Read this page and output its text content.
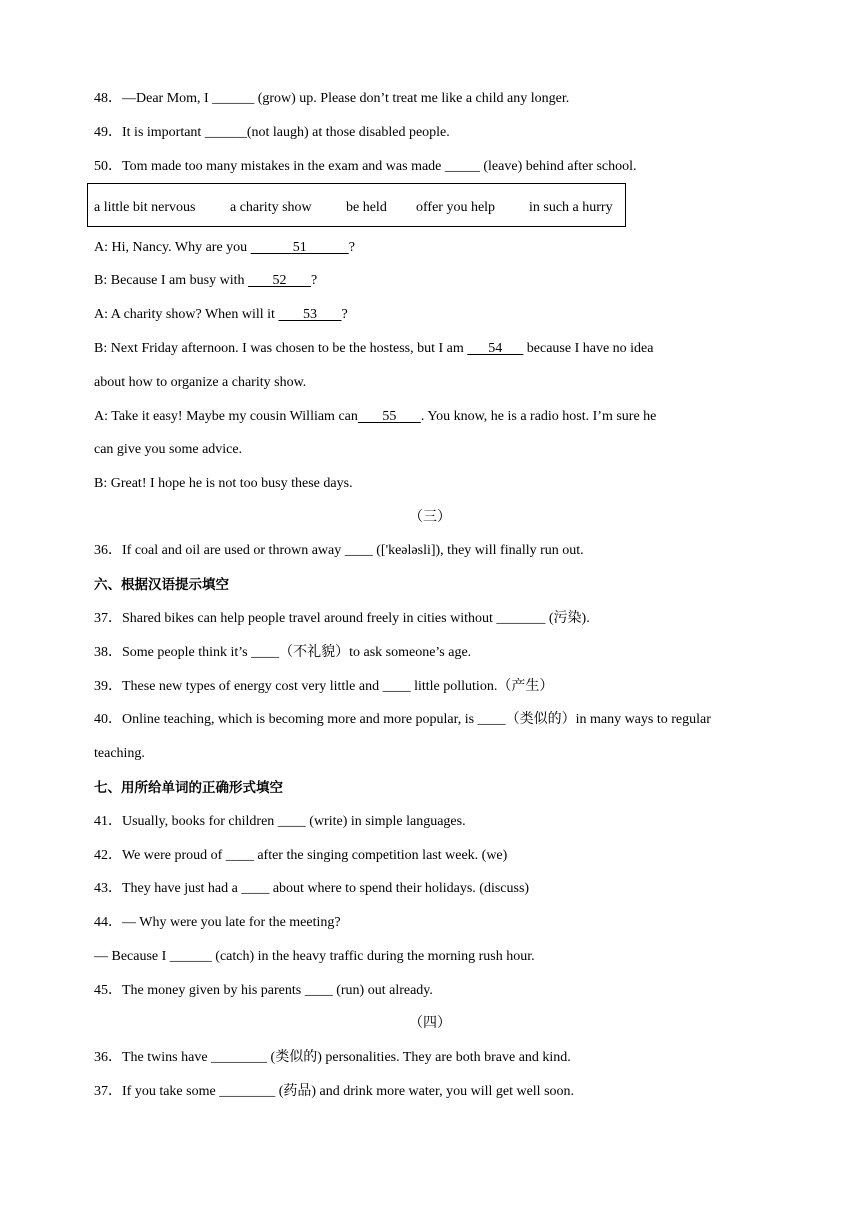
48．—Dear Mom, I ______ (grow) up. Please don’t treat me like a child any longer.
49．It is important ______(not laugh) at those disabled people.
50．Tom made too many mistakes in the exam and was made _____ (leave) behind after school.
a little bit nervous a charity show be held offer you help in such a hurry
A: Hi, Nancy. Why are you             51            ?
B: Because I am busy with        52       ?
A: A charity show? When will it        53       ?
B: Next Friday afternoon. I was chosen to be the hostess, but I am       54       because I have no idea
about how to organize a charity show.
A: Take it easy! Maybe my cousin William can       55       . You know, he is a radio host. I’m sure he
can give you some advice.
B: Great! I hope he is not too busy these days.
（三）
36．If coal and oil are used or thrown away ____ (['keələsli]), they will finally run out.
六、根据汉语提示填空
37．Shared bikes can help people travel around freely in cities without _______ (污染).
38．Some people think it’s ____（不礼貌）to ask someone’s age.
39．These new types of energy cost very little and ____ little pollution.（产生）
40．Online teaching, which is becoming more and more popular, is ____（类似的）in many ways to regular
teaching.
七、用所给单词的正确形式填空
41．Usually, books for children ____ (write) in simple languages.
42．We were proud of ____ after the singing competition last week. (we)
43．They have just had a ____ about where to spend their holidays. (discuss)
44．— Why were you late for the meeting?
— Because I ______ (catch) in the heavy traffic during the morning rush hour.
45．The money given by his parents ____ (run) out already.
（四）
36．The twins have ________ (类似的) personalities. They are both brave and kind.
37．If you take some ________ (药品) and drink more water, you will get well soon.
